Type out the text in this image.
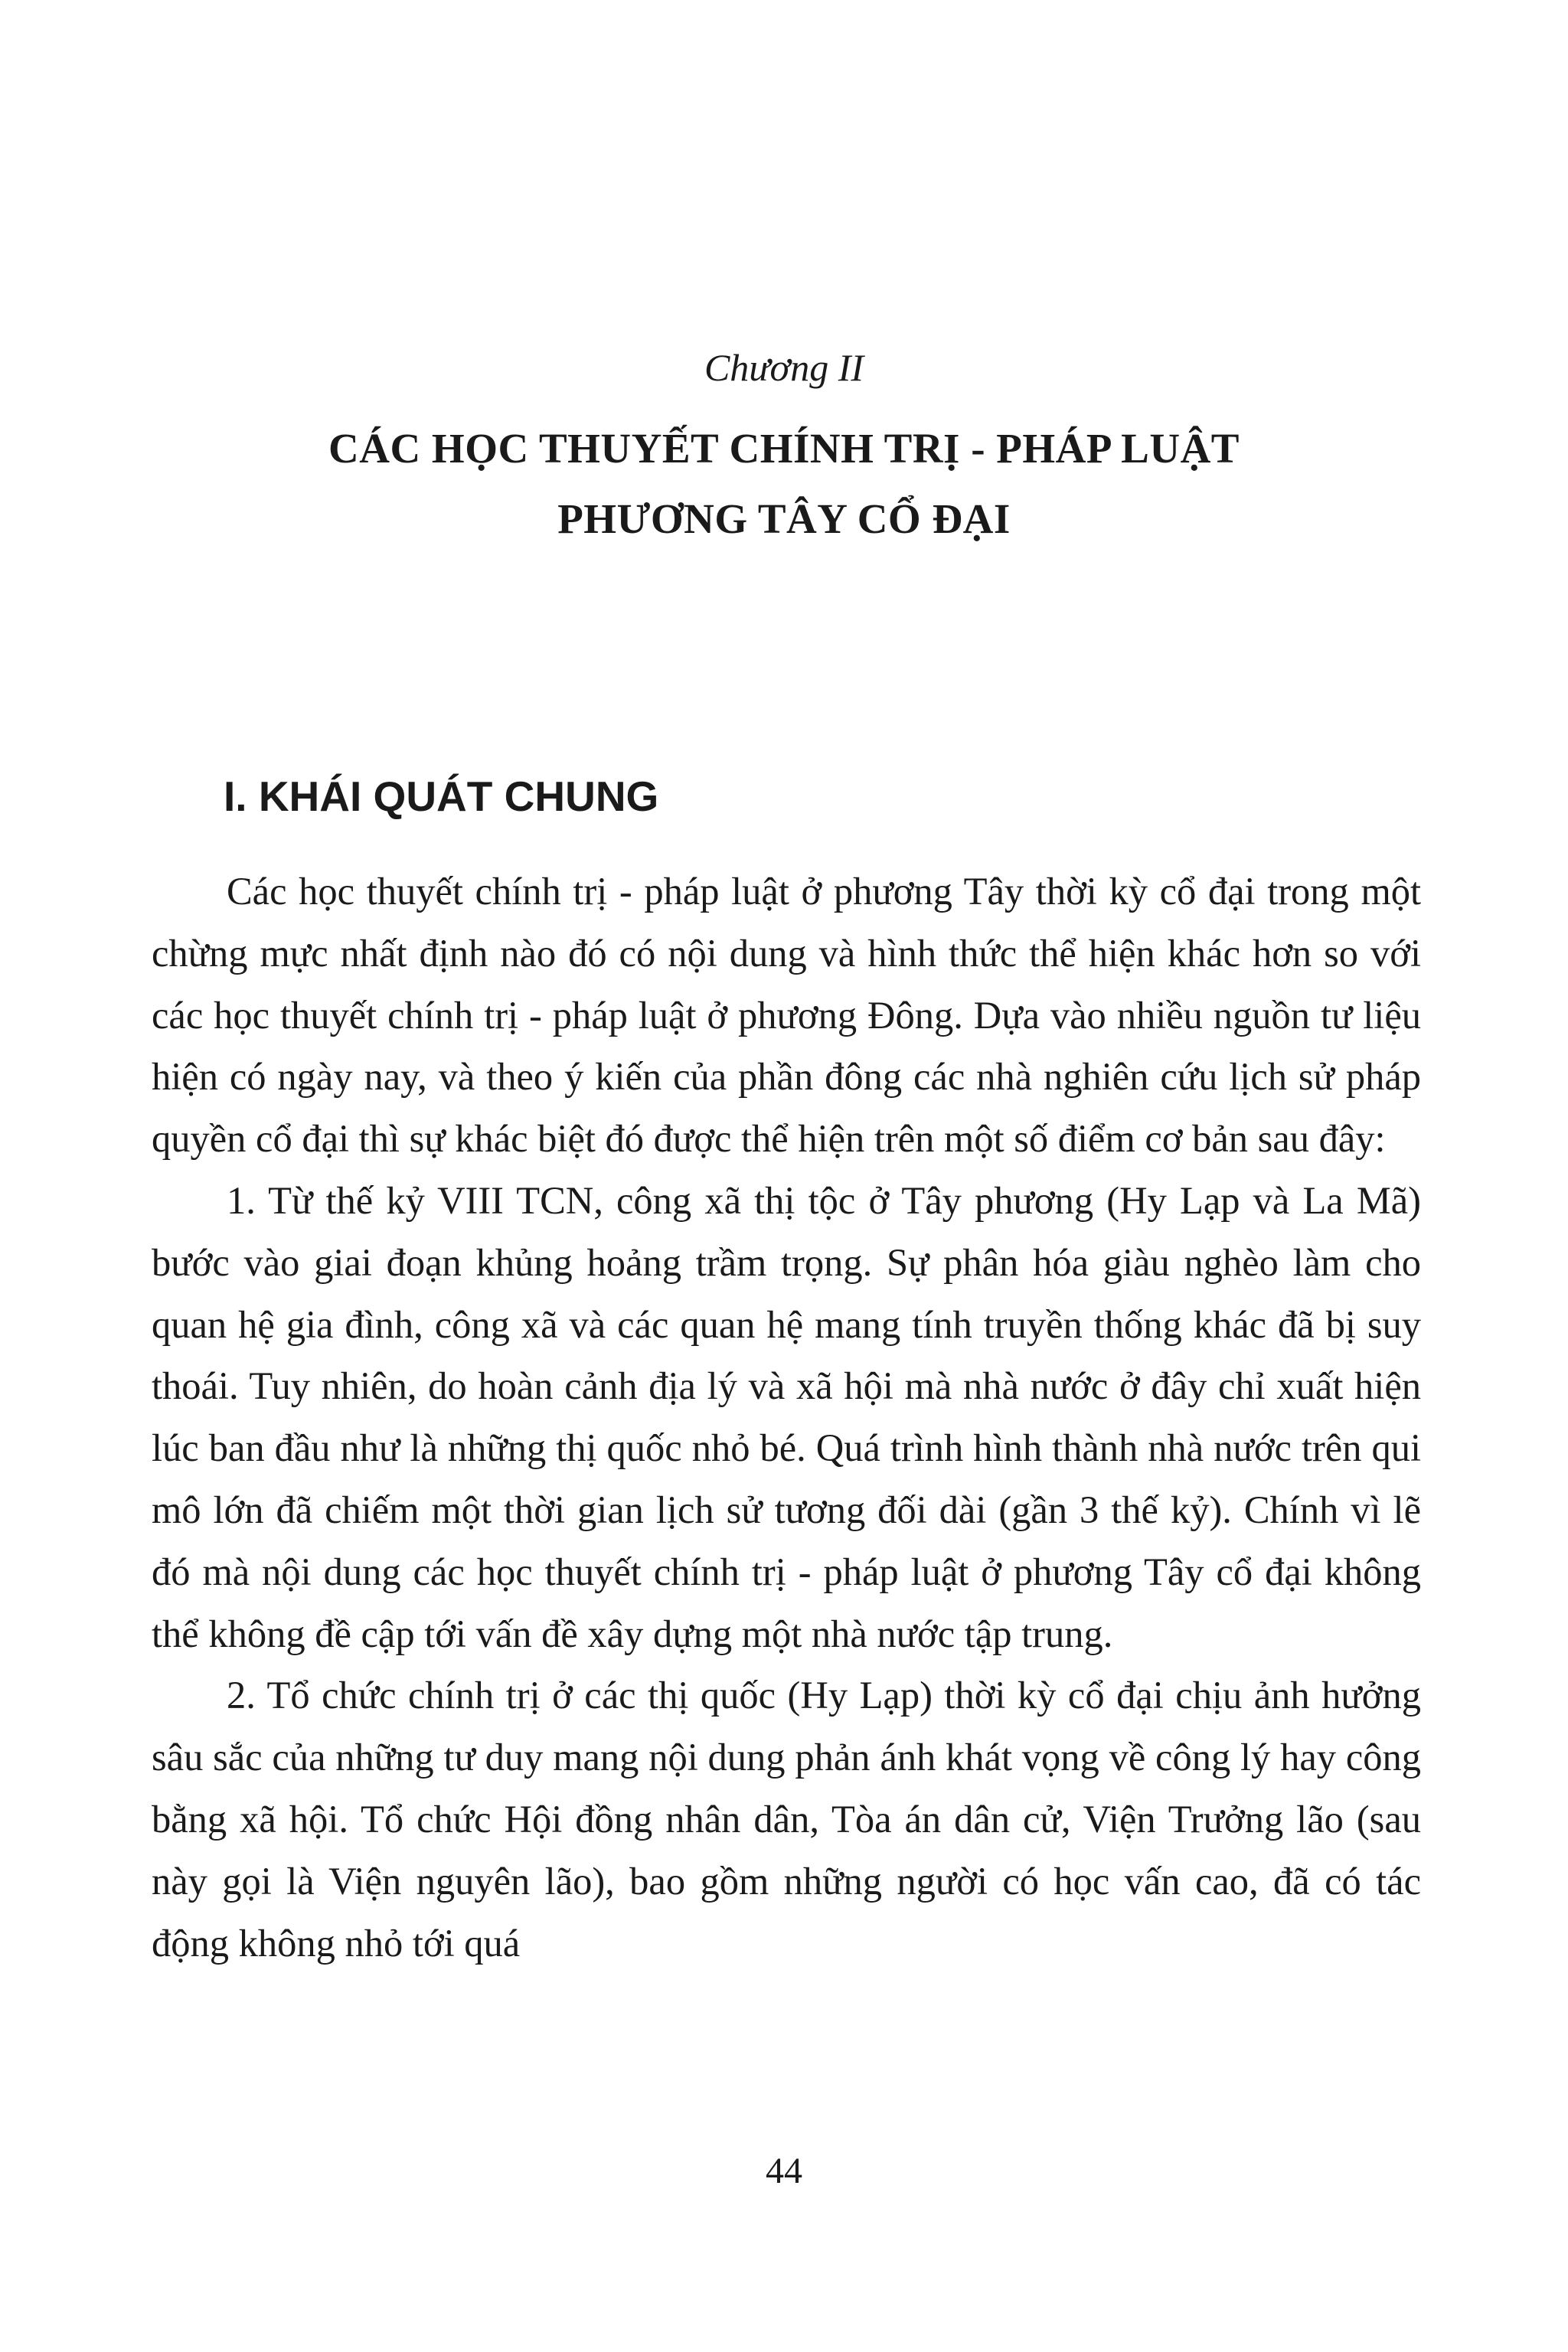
Chương II
CÁC HỌC THUYẾT CHÍNH TRỊ - PHÁP LUẬT
PHƯƠNG TÂY CỔ ĐẠI
I. KHÁI QUÁT CHUNG

Các học thuyết chính trị - pháp luật ở phương Tây thời kỳ cổ đại trong một chừng mực nhất định nào đó có nội dung và hình thức thể hiện khác hơn so với các học thuyết chính trị - pháp luật ở phương Đông. Dựa vào nhiều nguồn tư liệu hiện có ngày nay, và theo ý kiến của phần đông các nhà nghiên cứu lịch sử pháp quyền cổ đại thì sự khác biệt đó được thể hiện trên một số điểm cơ bản sau đây:

1. Từ thế kỷ VIII TCN, công xã thị tộc ở Tây phương (Hy Lạp và La Mã) bước vào giai đoạn khủng hoảng trầm trọng. Sự phân hóa giàu nghèo làm cho quan hệ gia đình, công xã và các quan hệ mang tính truyền thống khác đã bị suy thoái. Tuy nhiên, do hoàn cảnh địa lý và xã hội mà nhà nước ở đây chỉ xuất hiện lúc ban đầu như là những thị quốc nhỏ bé. Quá trình hình thành nhà nước trên qui mô lớn đã chiếm một thời gian lịch sử tương đối dài (gần 3 thế kỷ). Chính vì lẽ đó mà nội dung các học thuyết chính trị - pháp luật ở phương Tây cổ đại không thể không đề cập tới vấn đề xây dựng một nhà nước tập trung.

2. Tổ chức chính trị ở các thị quốc (Hy Lạp) thời kỳ cổ đại chịu ảnh hưởng sâu sắc của những tư duy mang nội dung phản ánh khát vọng về công lý hay công bằng xã hội. Tổ chức Hội đồng nhân dân, Tòa án dân cử, Viện Trưởng lão (sau này gọi là Viện nguyên lão), bao gồm những người có học vấn cao, đã có tác động không nhỏ tới quá

44
